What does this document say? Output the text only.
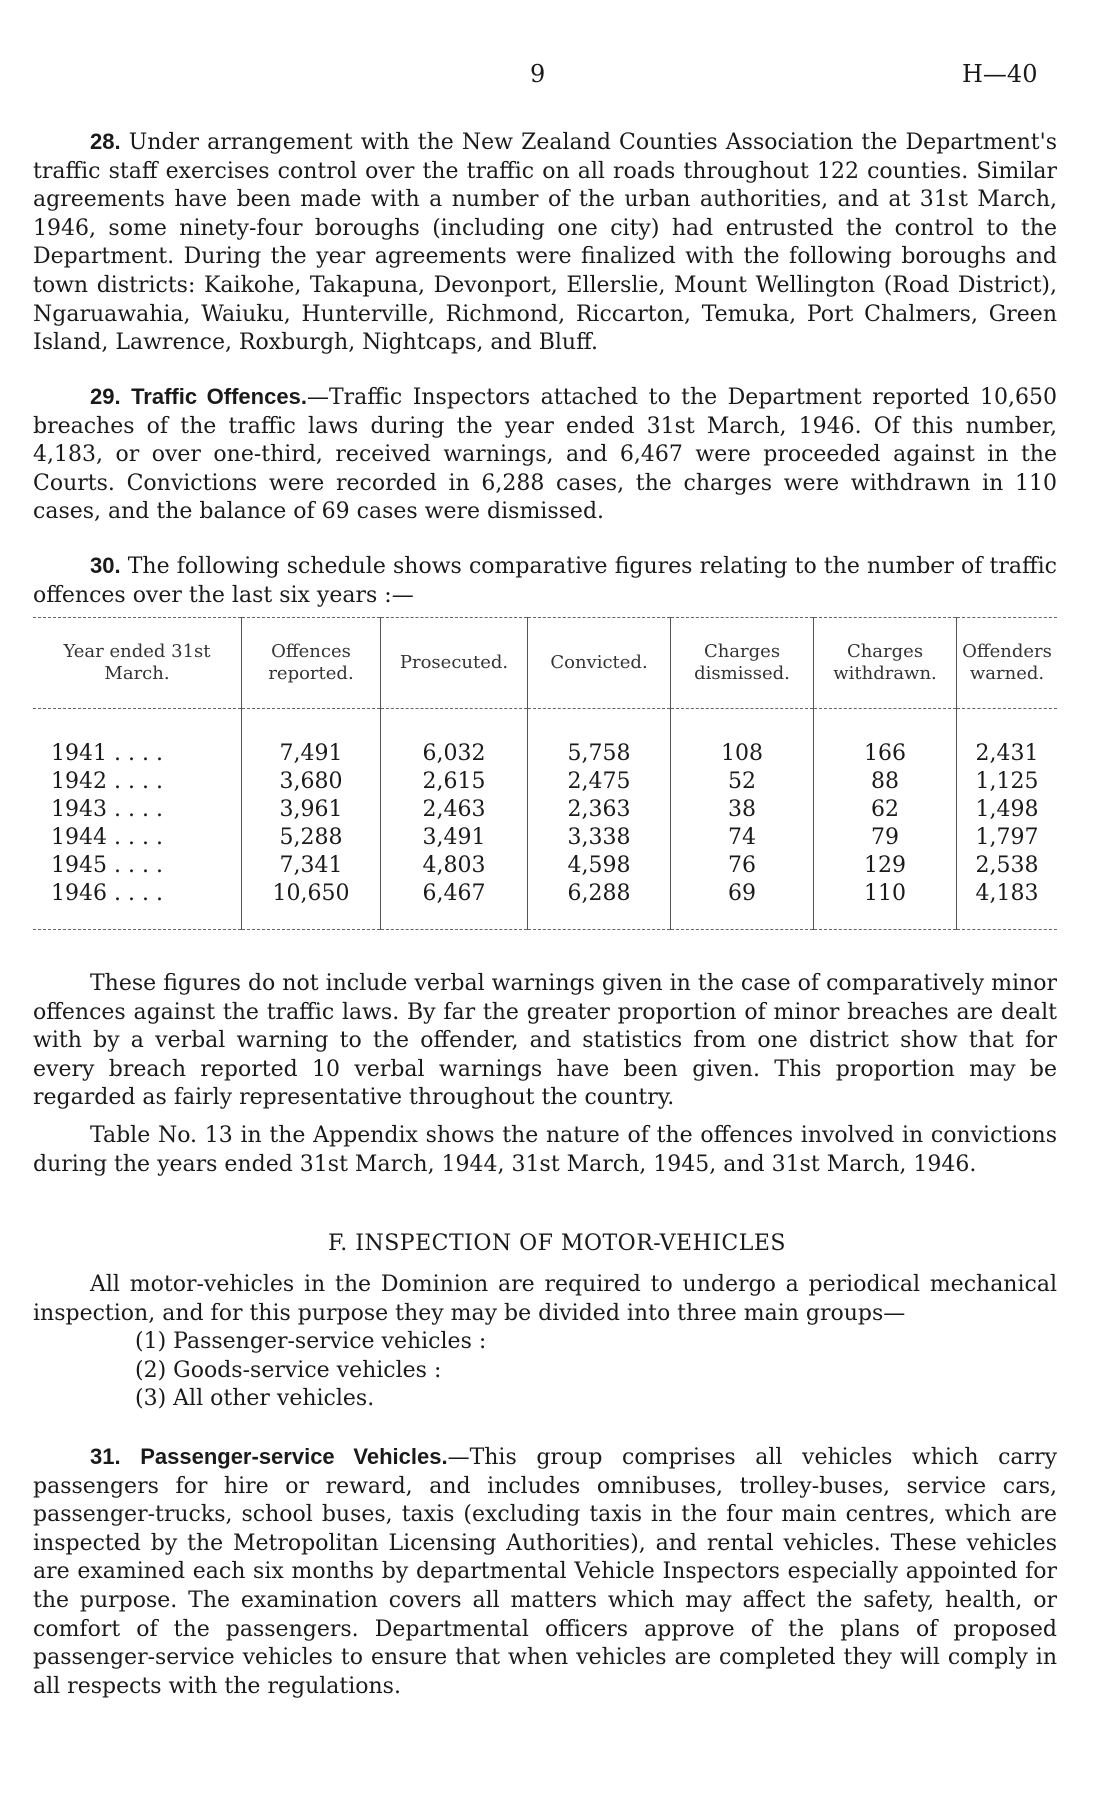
9	H—40

28. Under arrangement with the New Zealand Counties Association the Department's traffic staff exercises control over the traffic on all roads throughout 122 counties. Similar agreements have been made with a number of the urban authorities, and at 31st March, 1946, some ninety-four boroughs (including one city) had entrusted the control to the Department. During the year agreements were finalized with the following boroughs and town districts: Kaikohe, Takapuna, Devonport, Ellerslie, Mount Wellington (Road District), Ngaruawahia, Waiuku, Hunterville, Richmond, Riccarton, Temuka, Port Chalmers, Green Island, Lawrence, Roxburgh, Nightcaps, and Bluff.

29. Traffic Offences.—Traffic Inspectors attached to the Department reported 10,650 breaches of the traffic laws during the year ended 31st March, 1946. Of this number, 4,183, or over one-third, received warnings, and 6,467 were proceeded against in the Courts. Convictions were recorded in 6,288 cases, the charges were withdrawn in 110 cases, and the balance of 69 cases were dismissed.

30. The following schedule shows comparative figures relating to the number of traffic offences over the last six years :—

Year ended 31st March.	Offences reported.	Prosecuted.	Convicted.	Charges dismissed.	Charges withdrawn.	Offenders warned.

1941 . . . .	7,491	6,032	5,758	108	166	2,431
1942 . . . .	3,680	2,615	2,475	52	88	1,125
1943 . . . .	3,961	2,463	2,363	38	62	1,498
1944 . . . .	5,288	3,491	3,338	74	79	1,797
1945 . . . .	7,341	4,803	4,598	76	129	2,538
1946 . . . .	10,650	6,467	6,288	69	110	4,183

These figures do not include verbal warnings given in the case of comparatively minor offences against the traffic laws. By far the greater proportion of minor breaches are dealt with by a verbal warning to the offender, and statistics from one district show that for every breach reported 10 verbal warnings have been given. This proportion may be regarded as fairly representative throughout the country.

Table No. 13 in the Appendix shows the nature of the offences involved in convictions during the years ended 31st March, 1944, 31st March, 1945, and 31st March, 1946.

F. INSPECTION OF MOTOR-VEHICLES

All motor-vehicles in the Dominion are required to undergo a periodical mechanical inspection, and for this purpose they may be divided into three main groups—

(1) Passenger-service vehicles :
(2) Goods-service vehicles :
(3) All other vehicles.

31. Passenger-service Vehicles.—This group comprises all vehicles which carry passengers for hire or reward, and includes omnibuses, trolley-buses, service cars, passenger-trucks, school buses, taxis (excluding taxis in the four main centres, which are inspected by the Metropolitan Licensing Authorities), and rental vehicles. These vehicles are examined each six months by departmental Vehicle Inspectors especially appointed for the purpose. The examination covers all matters which may affect the safety, health, or comfort of the passengers. Departmental officers approve of the plans of proposed passenger-service vehicles to ensure that when vehicles are completed they will comply in all respects with the regulations.
